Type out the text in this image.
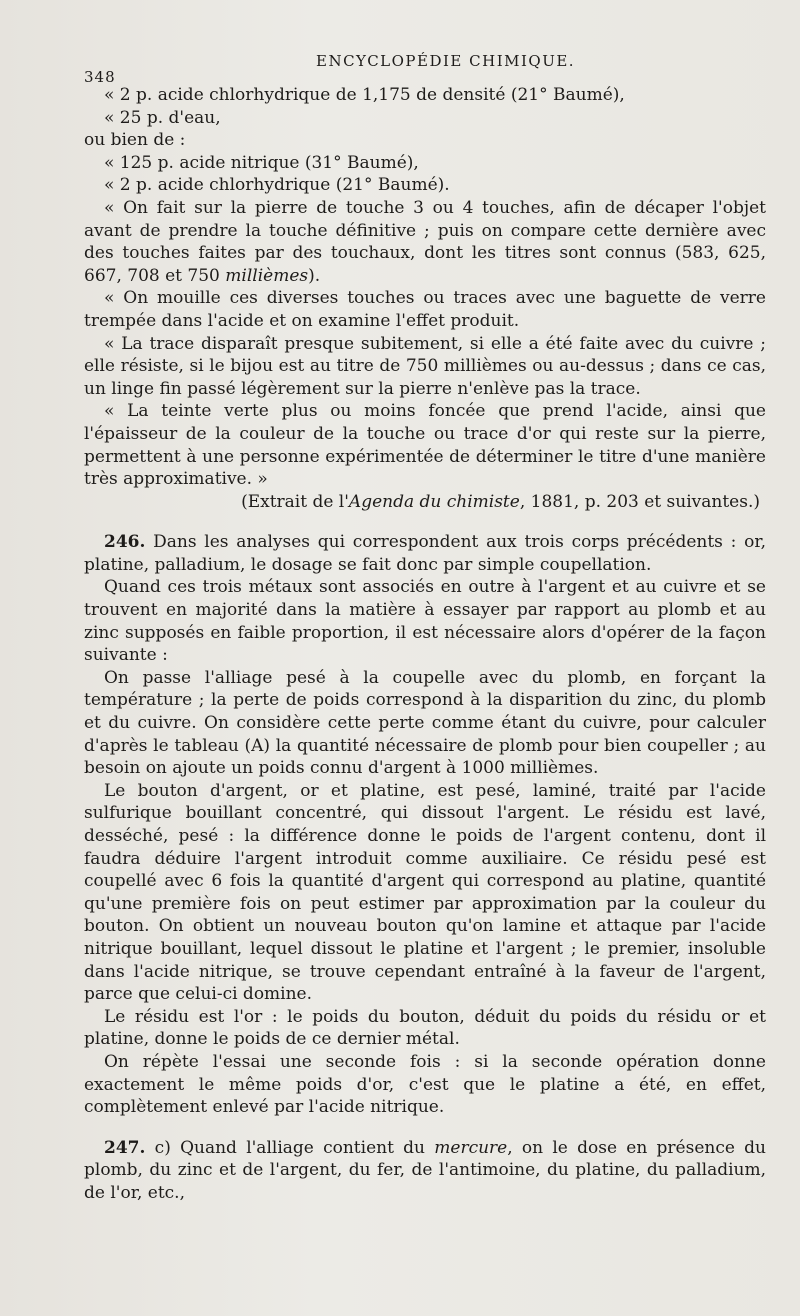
348
ENCYCLOPÉDIE CHIMIQUE.

« 2 p. acide chlorhydrique de 1,175 de densité (21° Baumé),

« 25 p. d'eau,

ou bien de :

« 125 p. acide nitrique (31° Baumé),

« 2 p. acide chlorhydrique (21° Baumé).

« On fait sur la pierre de touche 3 ou 4 touches, afin de décaper l'objet avant de prendre la touche définitive ; puis on compare cette dernière avec des touches faites par des touchaux, dont les titres sont connus (583, 625, 667, 708 et 750 millièmes).

« On mouille ces diverses touches ou traces avec une baguette de verre trempée dans l'acide et on examine l'effet produit.

« La trace disparaît presque subitement, si elle a été faite avec du cuivre ; elle résiste, si le bijou est au titre de 750 millièmes ou au-dessus ; dans ce cas, un linge fin passé légèrement sur la pierre n'enlève pas la trace.

« La teinte verte plus ou moins foncée que prend l'acide, ainsi que l'épaisseur de la couleur de la touche ou trace d'or qui reste sur la pierre, permettent à une personne expérimentée de déterminer le titre d'une manière très approximative. »

(Extrait de l'Agenda du chimiste, 1881, p. 203 et suivantes.)

246. Dans les analyses qui correspondent aux trois corps précédents : or, platine, palladium, le dosage se fait donc par simple coupellation.

Quand ces trois métaux sont associés en outre à l'argent et au cuivre et se trouvent en majorité dans la matière à essayer par rapport au plomb et au zinc supposés en faible proportion, il est nécessaire alors d'opérer de la façon suivante :

On passe l'alliage pesé à la coupelle avec du plomb, en forçant la température ; la perte de poids correspond à la disparition du zinc, du plomb et du cuivre. On considère cette perte comme étant du cuivre, pour calculer d'après le tableau (A) la quantité nécessaire de plomb pour bien coupeller ; au besoin on ajoute un poids connu d'argent à 1000 millièmes.

Le bouton d'argent, or et platine, est pesé, laminé, traité par l'acide sulfurique bouillant concentré, qui dissout l'argent. Le résidu est lavé, desséché, pesé : la différence donne le poids de l'argent contenu, dont il faudra déduire l'argent introduit comme auxiliaire. Ce résidu pesé est coupellé avec 6 fois la quantité d'argent qui correspond au platine, quantité qu'une première fois on peut estimer par approximation par la couleur du bouton. On obtient un nouveau bouton qu'on lamine et attaque par l'acide nitrique bouillant, lequel dissout le platine et l'argent ; le premier, insoluble dans l'acide nitrique, se trouve cependant entraîné à la faveur de l'argent, parce que celui-ci domine.

Le résidu est l'or : le poids du bouton, déduit du poids du résidu or et platine, donne le poids de ce dernier métal.

On répète l'essai une seconde fois : si la seconde opération donne exactement le même poids d'or, c'est que le platine a été, en effet, complètement enlevé par l'acide nitrique.

247. c) Quand l'alliage contient du mercure, on le dose en présence du plomb, du zinc et de l'argent, du fer, de l'antimoine, du platine, du palladium, de l'or, etc.,
